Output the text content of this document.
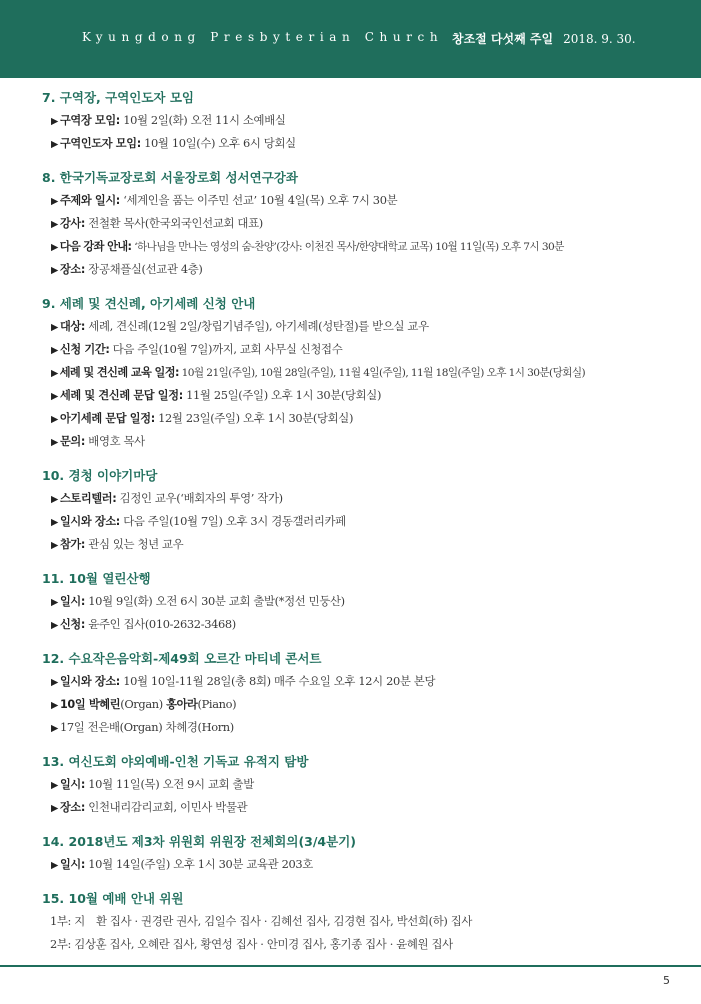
Kyungdong Presbyterian Church 창조절 다섯째 주일 2018. 9. 30.
7. 구역장, 구역인도자 모임
▶ 구역장 모임: 10월 2일(화) 오전 11시 소예배실
▶ 구역인도자 모임: 10월 10일(수) 오후 6시 당회실
8. 한국기독교장로회 서울장로회 성서연구강좌
▶ 주제와 일시: ‘세계인을 품는 이주민 선교’ 10월 4일(목) 오후 7시 30분
▶ 강사: 전철환 목사(한국외국인선교회 대표)
▶ 다음 강좌 안내: ‘하나님을 만나는 영성의 숨-찬양’(강사: 이천진 목사/한양대학교 교목) 10월 11일(목) 오후 7시 30분
▶ 장소: 장공채플실(선교관 4층)
9. 세례 및 견신례, 아기세례 신청 안내
▶ 대상: 세례, 견신례(12월 2일/창립기념주일), 아기세례(성탄절)를 받으실 교우
▶ 신청 기간: 다음 주일(10월 7일)까지, 교회 사무실 신청접수
▶ 세례 및 견신례 교육 일정: 10월 21일(주일), 10월 28일(주일), 11월 4일(주일), 11월 18일(주일) 오후 1시 30분(당회실)
▶ 세례 및 견신례 문답 일정: 11월 25일(주일) 오후 1시 30분(당회실)
▶ 아기세례 문답 일정: 12월 23일(주일) 오후 1시 30분(당회실)
▶ 문의: 배영호 목사
10. 경청 이야기마당
▶ 스토리텔러: 김정인 교우(‘배회자의 투영’ 작가)
▶ 일시와 장소: 다음 주일(10월 7일) 오후 3시 경동갤러리카페
▶ 참가: 관심 있는 청년 교우
11. 10월 열린산행
▶ 일시: 10월 9일(화) 오전 6시 30분 교회 출발(*정선 민둥산)
▶ 신청: 윤주인 집사(010-2632-3468)
12. 수요작은음악회-제49회 오르간 마티네 콘서트
▶ 일시와 장소: 10월 10일-11월 28일(총 8회) 매주 수요일 오후 12시 20분 본당
▶ 10일 박혜린(Organ) 홍아라(Piano)
▶ 17일 전은배(Organ) 차혜경(Horn)
13. 여신도회 야외예배-인천 기독교 유적지 탐방
▶ 일시: 10월 11일(목) 오전 9시 교회 출발
▶ 장소: 인천내리감리교회, 이민사 박물관
14. 2018년도 제3차 위원회 위원장 전체회의(3/4분기)
▶ 일시: 10월 14일(주일) 오후 1시 30분 교육관 203호
15. 10월 예배 안내 위원
1부: 지　환 집사 · 권경란 권사, 김일수 집사 · 김혜선 집사, 김경현 집사, 박선희(하) 집사
2부: 김상훈 집사, 오혜란 집사, 황연성 집사 · 안미경 집사, 홍기종 집사 · 윤혜원 집사
5
